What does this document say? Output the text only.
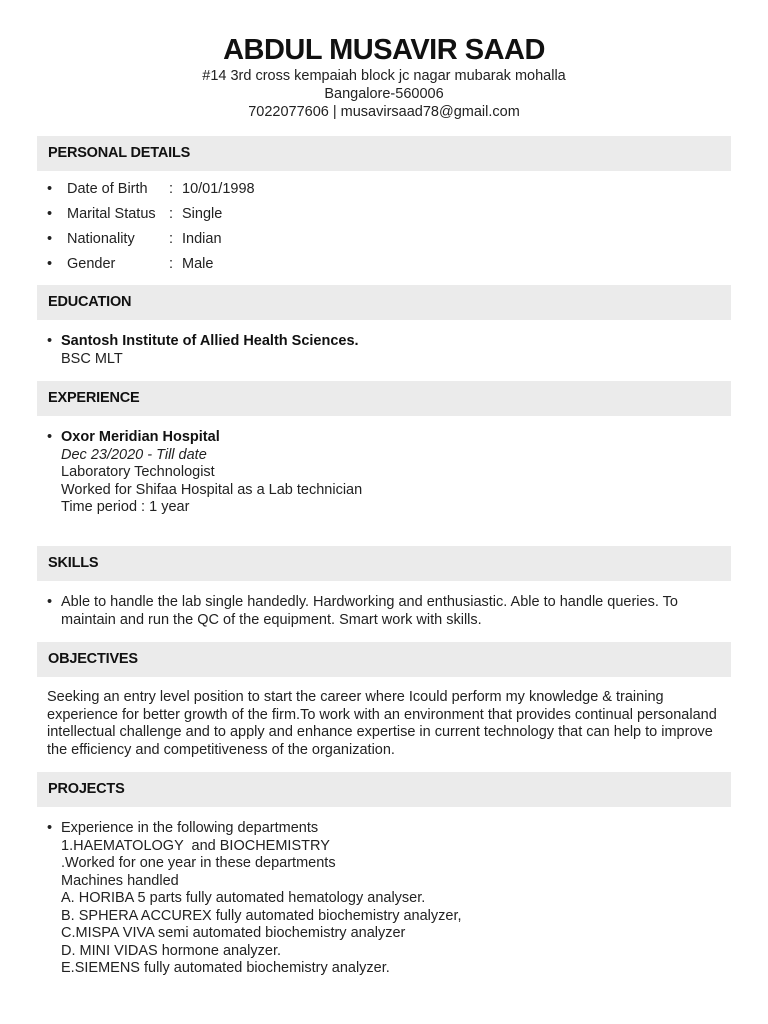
ABDUL MUSAVIR SAAD
#14 3rd cross kempaiah block jc nagar mubarak mohalla
Bangalore-560006
7022077606 | musavirsaad78@gmail.com
PERSONAL DETAILS
• Date of Birth : 10/01/1998
• Marital Status : Single
• Nationality : Indian
• Gender	: Male
EDUCATION
• Santosh Institute of Allied Health Sciences.
BSC MLT
EXPERIENCE
• Oxor Meridian Hospital
Dec 23/2020 - Till date
Laboratory Technologist
Worked for Shifaa Hospital as a Lab technician
Time period : 1 year
SKILLS
• Able to handle the lab single handedly. Hardworking and enthusiastic. Able to handle queries. To maintain and run the QC of the equipment. Smart work with skills.
OBJECTIVES
Seeking an entry level position to start the career where Icould perform my knowledge & training experience for better growth of the firm.To work with an environment that provides continual personaland intellectual challenge and to apply and enhance expertise in current technology that can help to improve the efficiency and competitiveness of the organization.
PROJECTS
• Experience in the following departments
1.HAEMATOLOGY  and BIOCHEMISTRY
.Worked for one year in these departments
Machines handled
A. HORIBA 5 parts fully automated hematology analyser.
B. SPHERA ACCUREX fully automated biochemistry analyzer,
C.MISPA VIVA semi automated biochemistry analyzer
D. MINI VIDAS hormone analyzer.
E.SIEMENS fully automated biochemistry analyzer.
